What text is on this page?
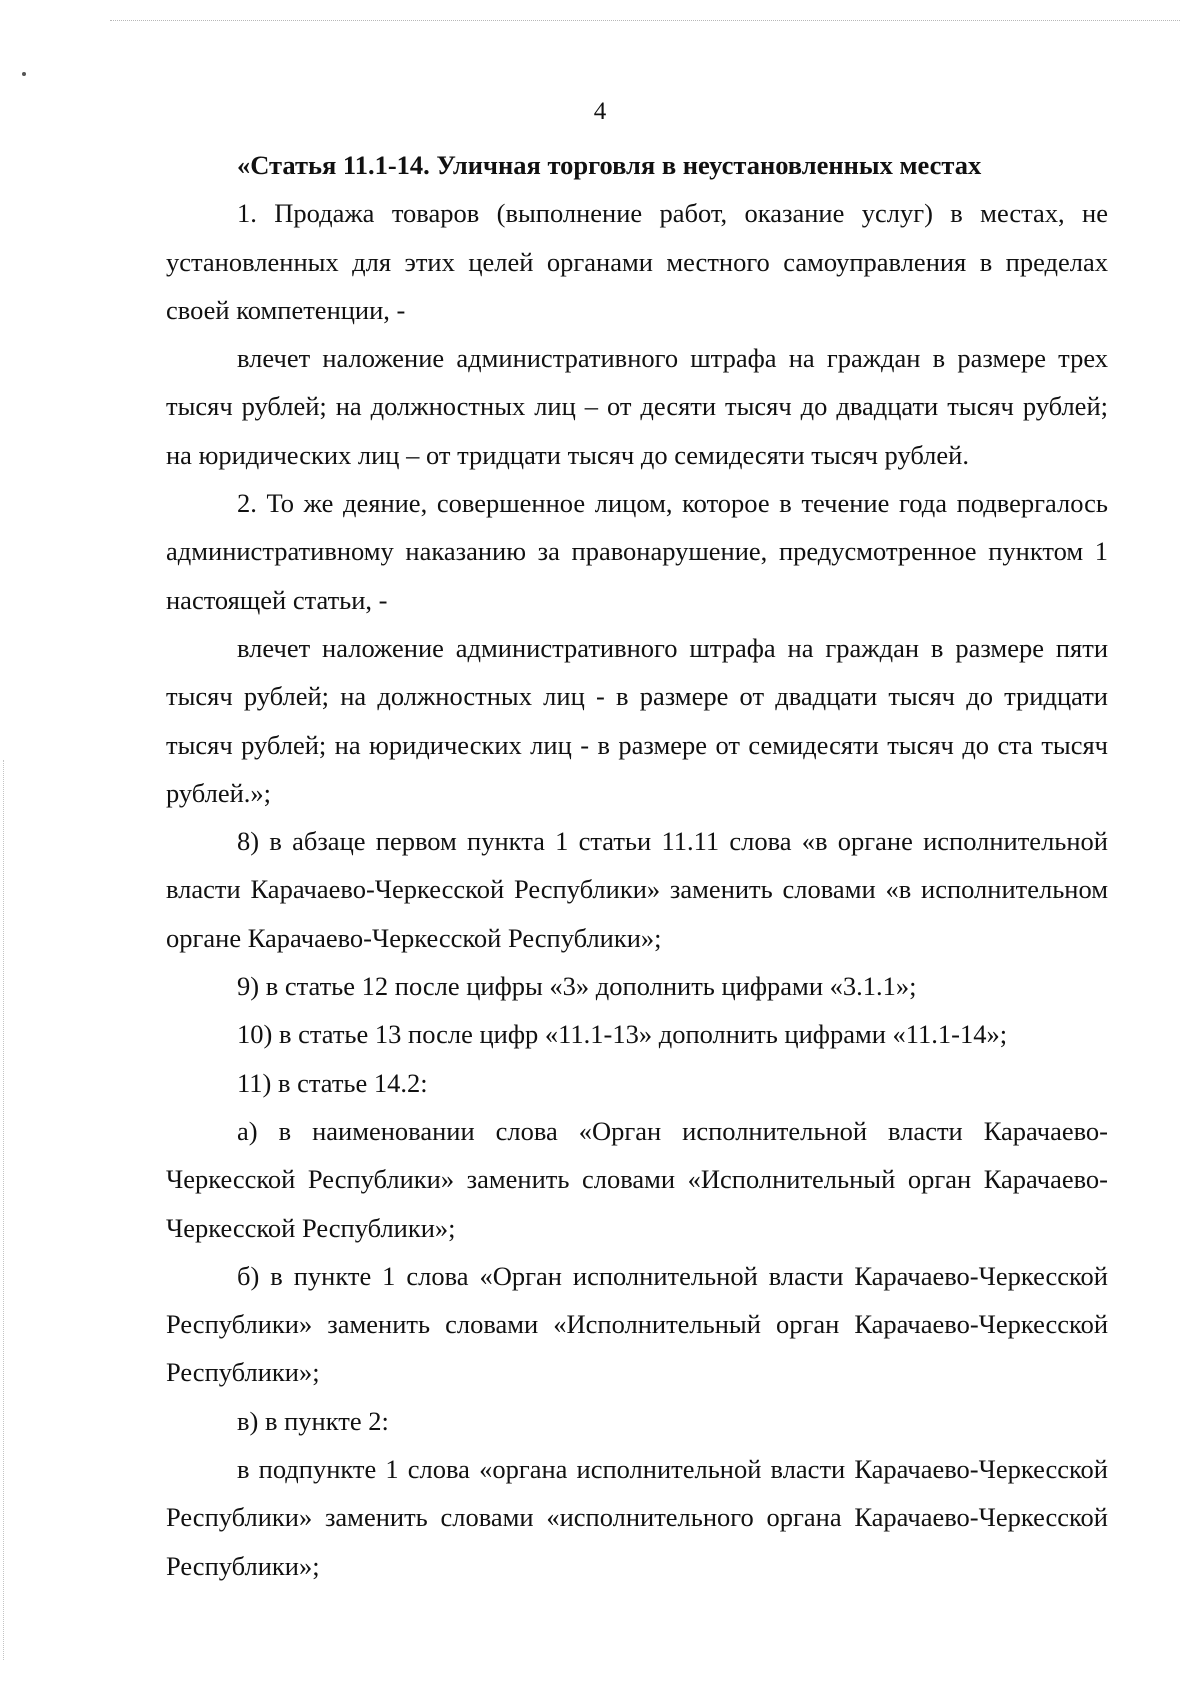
4

«Статья 11.1-14. Уличная торговля в неустановленных местах

1. Продажа товаров (выполнение работ, оказание услуг) в местах, не установленных для этих целей органами местного самоуправления в пределах своей компетенции, -

влечет наложение административного штрафа на граждан в размере трех тысяч рублей; на должностных лиц – от десяти тысяч до двадцати тысяч рублей; на юридических лиц – от тридцати тысяч до семидесяти тысяч рублей.

2. То же деяние, совершенное лицом, которое в течение года подвергалось административному наказанию за правонарушение, предусмотренное пунктом 1 настоящей статьи, -

влечет наложение административного штрафа на граждан в размере пяти тысяч рублей; на должностных лиц - в размере от двадцати тысяч до тридцати тысяч рублей; на юридических лиц - в размере от семидесяти тысяч до ста тысяч рублей.»;

8) в абзаце первом пункта 1 статьи 11.11 слова «в органе исполнительной власти Карачаево-Черкесской Республики» заменить словами «в исполнительном органе Карачаево-Черкесской Республики»;

9) в статье 12 после цифры «3» дополнить цифрами «3.1.1»;

10) в статье 13 после цифр «11.1-13» дополнить цифрами «11.1-14»;

11) в статье 14.2:

а) в наименовании слова «Орган исполнительной власти Карачаево-Черкесской Республики» заменить словами «Исполнительный орган Карачаево-Черкесской Республики»;

б) в пункте 1 слова «Орган исполнительной власти Карачаево-Черкесской Республики» заменить словами «Исполнительный орган Карачаево-Черкесской Республики»;

в) в пункте 2:

в подпункте 1 слова «органа исполнительной власти Карачаево-Черкесской Республики» заменить словами «исполнительного органа Карачаево-Черкесской Республики»;
